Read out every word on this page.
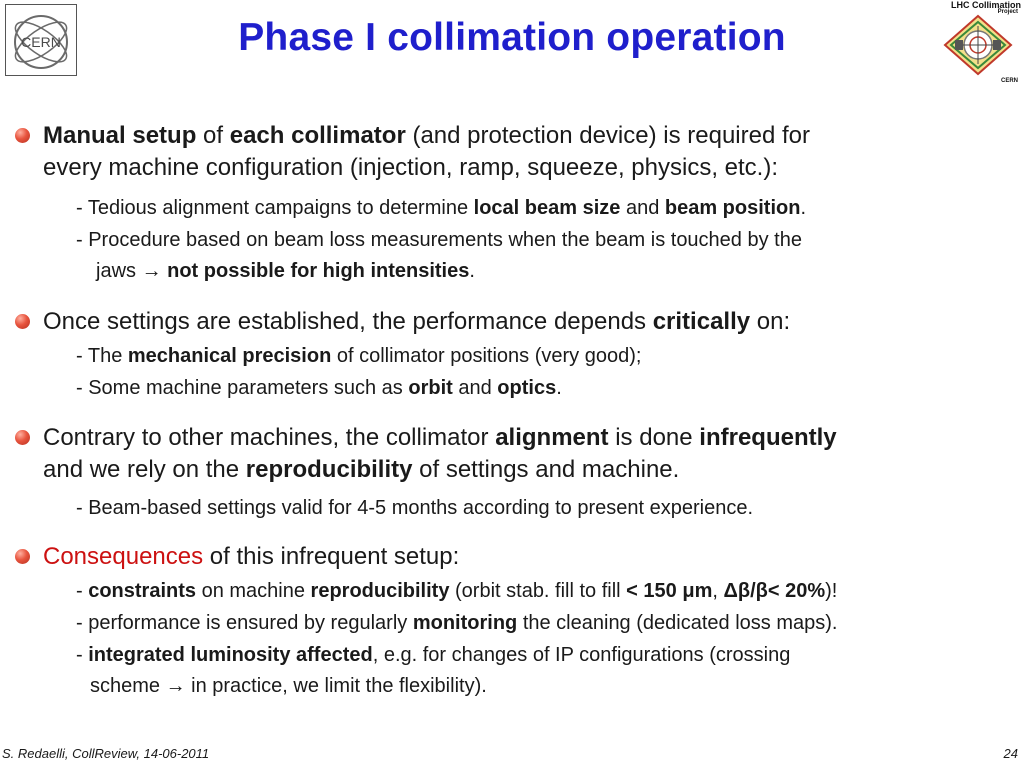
CERN	Phase I collimation operation
LHC Collimation
Project
CERN
Manual setup of each collimator (and protection device) is required for
every machine configuration (injection, ramp, squeeze, physics, etc.):
- Tedious alignment campaigns to determine local beam size and beam position.
- Procedure based on beam loss measurements when the beam is touched by the
jaws → not possible for high intensities.
Once settings are established, the performance depends critically on:
- The mechanical precision of collimator positions (very good);
- Some machine parameters such as orbit and optics.
Contrary to other machines, the collimator alignment is done infrequently
and we rely on the reproducibility of settings and machine.
- Beam-based settings valid for 4-5 months according to present experience.
Consequences of this infrequent setup:
- constraints on machine reproducibility (orbit stab. fill to fill < 150 μm, Δβ/β< 20%)!
- performance is ensured by regularly monitoring the cleaning (dedicated loss maps).
- integrated luminosity affected, e.g. for changes of IP configurations (crossing
scheme → in practice, we limit the flexibility).
S. Redaelli, CollReview, 14-06-2011	24
